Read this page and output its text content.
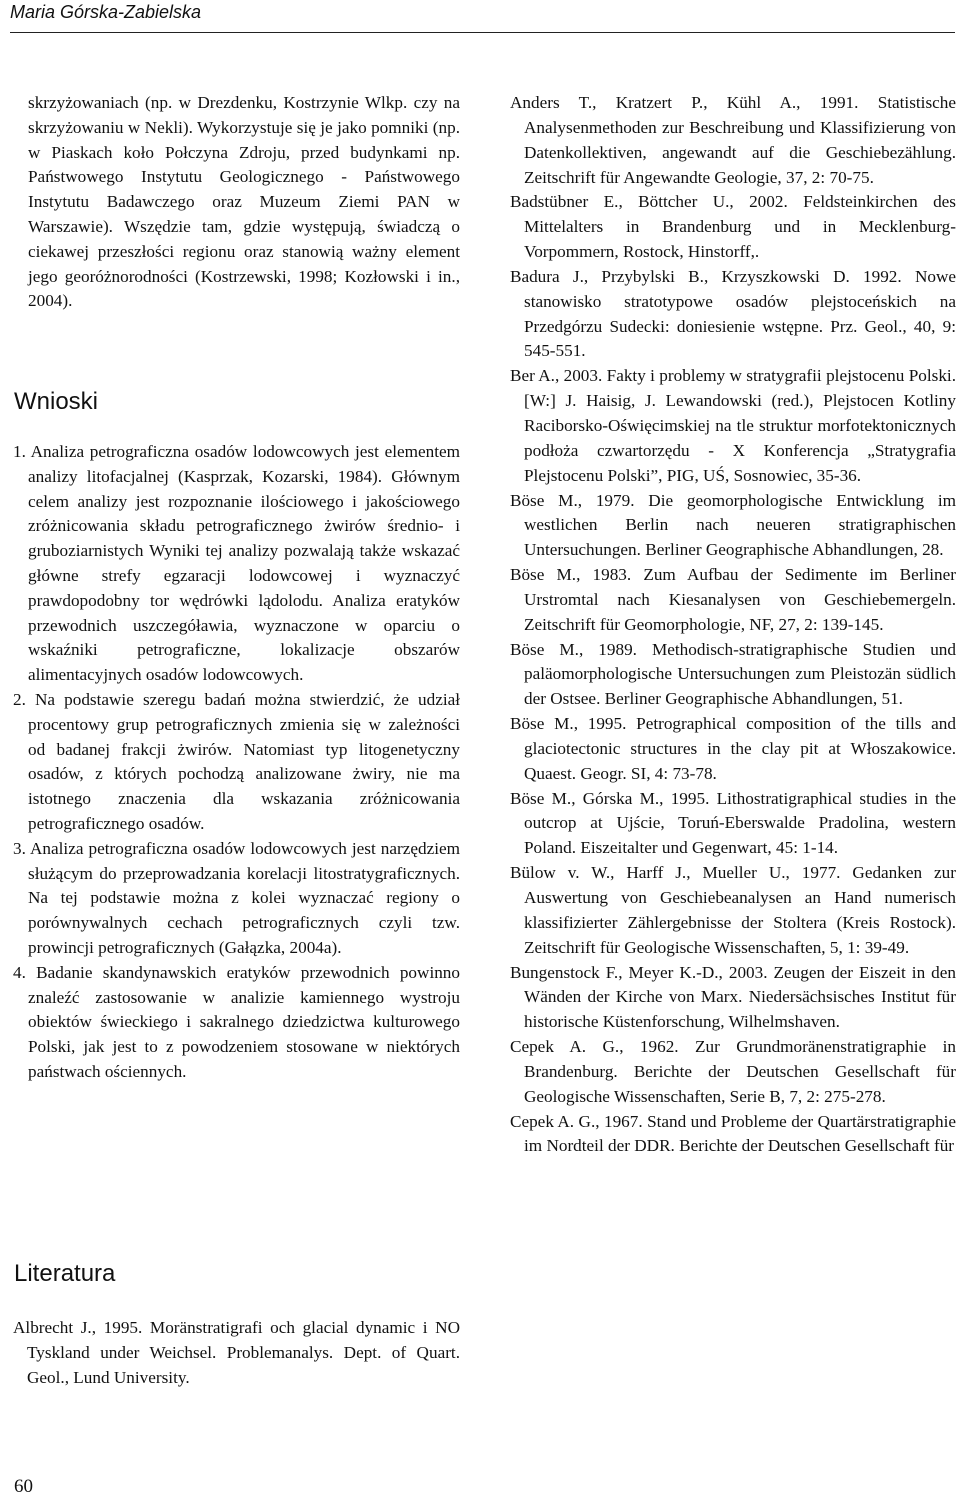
Maria Górska-Zabielska

skrzyżowaniach (np. w Drezdenku, Kostrzynie Wlkp. czy na skrzyżowaniu w Nekli). Wykorzystuje się je jako pomniki (np. w Piaskach koło Połczyna Zdroju, przed budynkami np. Państwowego Instytutu Geologicznego - Państwowego Instytutu Badawczego oraz Muzeum Ziemi PAN w Warszawie). Wszędzie tam, gdzie występują, świadczą o ciekawej przeszłości regionu oraz stanowią ważny element jego georóżnorodności (Kostrzewski, 1998; Kozłowski i in., 2004).

Wnioski

1. Analiza petrograficzna osadów lodowcowych jest elementem analizy litofacjalnej (Kasprzak, Kozarski, 1984). Głównym celem analizy jest rozpoznanie ilościowego i jakościowego zróżnicowania składu petrograficznego żwirów średnio- i gruboziarnistych Wyniki tej analizy pozwalają także wskazać główne strefy egzaracji lodowcowej i wyznaczyć prawdopodobny tor wędrówki lądolodu. Analiza eratyków przewodnich uszczegóławia, wyznaczone w oparciu o wskaźniki petrograficzne, lokalizacje obszarów alimentacyjnych osadów lodowcowych.

2. Na podstawie szeregu badań można stwierdzić, że udział procentowy grup petrograficznych zmienia się w zależności od badanej frakcji żwirów. Natomiast typ litogenetyczny osadów, z których pochodzą analizowane żwiry, nie ma istotnego znaczenia dla wskazania zróżnicowania petrograficznego osadów.

3. Analiza petrograficzna osadów lodowcowych jest narzędziem służącym do przeprowadzania korelacji litostratygraficznych. Na tej podstawie można z kolei wyznaczać regiony o porównywalnych cechach petrograficznych czyli tzw. prowincji petrograficznych (Gałązka, 2004a).

4. Badanie skandynawskich eratyków przewodnich powinno znaleźć zastosowanie w analizie kamiennego wystroju obiektów świeckiego i sakralnego dziedzictwa kulturowego Polski, jak jest to z powodzeniem stosowane w niektórych państwach ościennych.

Literatura

Albrecht J., 1995. Moränstratigrafi och glacial dynamic i NO Tyskland under Weichsel. Problemanalys. Dept. of Quart. Geol., Lund University.

Anders T., Kratzert P., Kühl A., 1991. Statistische Analysenmethoden zur Beschreibung und Klassifizierung von Datenkollektiven, angewandt auf die Geschiebezählung. Zeitschrift für Angewandte Geologie, 37, 2: 70-75.

Badstübner E., Böttcher U., 2002. Feldsteinkirchen des Mittelalters in Brandenburg und in Mecklenburg-Vorpommern, Rostock, Hinstorff,.

Badura J., Przybylski B., Krzyszkowski D. 1992. Nowe stanowisko stratotypowe osadów plejstoceńskich na Przedgórzu Sudecki: doniesienie wstępne. Prz. Geol., 40, 9: 545-551.

Ber A., 2003. Fakty i problemy w stratygrafii plejstocenu Polski. [W:] J. Haisig, J. Lewandowski (red.), Plejstocen Kotliny Raciborsko-Oświęcimskiej na tle struktur morfotektonicznych podłoża czwartorzędu - X Konferencja „Stratygrafia Plejstocenu Polski”, PIG, UŚ, Sosnowiec, 35-36.

Böse M., 1979. Die geomorphologische Entwicklung im westlichen Berlin nach neueren stratigraphischen Untersuchungen. Berliner Geographische Abhandlungen, 28.

Böse M., 1983. Zum Aufbau der Sedimente im Berliner Urstromtal nach Kiesanalysen von Geschiebemergeln. Zeitschrift für Geomorphologie, NF, 27, 2: 139-145.

Böse M., 1989. Methodisch-stratigraphische Studien und paläomorphologische Untersuchungen zum Pleistozän südlich der Ostsee. Berliner Geographische Abhandlungen, 51.

Böse M., 1995. Petrographical composition of the tills and glaciotectonic structures in the clay pit at Włoszakowice. Quaest. Geogr. SI, 4: 73-78.

Böse M., Górska M., 1995. Lithostratigraphical studies in the outcrop at Ujście, Toruń-Eberswalde Pradolina, western Poland. Eiszeitalter und Gegenwart, 45: 1-14.

Bülow v. W., Harff J., Mueller U., 1977. Gedanken zur Auswertung von Geschiebeanalysen an Hand numerisch klassifizierter Zählergebnisse der Stoltera (Kreis Rostock). Zeitschrift für Geologische Wissenschaften, 5, 1: 39-49.

Bungenstock F., Meyer K.-D., 2003. Zeugen der Eiszeit in den Wänden der Kirche von Marx. Niedersächsisches Institut für historische Küstenforschung, Wilhelmshaven.

Cepek A. G., 1962. Zur Grundmoränenstratigraphie in Brandenburg. Berichte der Deutschen Gesellschaft für Geologische Wissenschaften, Serie B, 7, 2: 275-278.

Cepek A. G., 1967. Stand und Probleme der Quartärstratigraphie im Nordteil der DDR. Berichte der Deutschen Gesellschaft für

60
